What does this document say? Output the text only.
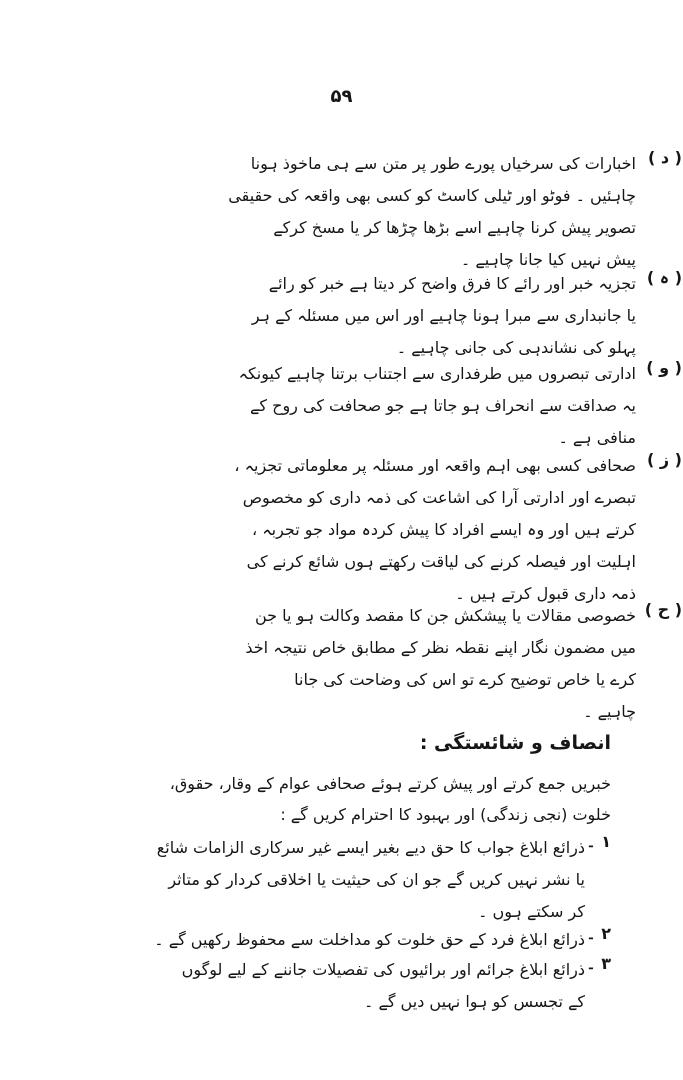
۵۹
( د )
اخبارات کی سرخیاں پورے طور پر متن سے ہی ماخوذ ہونا
چاہئیں ۔ فوٹو اور ٹیلی کاسٹ کو کسی بھی واقعہ کی حقیقی
تصویر پیش کرنا چاہیے اسے بڑھا چڑھا کر یا مسخ کرکے
پیش نہیں کیا جانا چاہیے ۔
( ہ )
تجزیہ خبر اور رائے کا فرق واضح کر دیتا ہے خبر کو رائے
یا جانبداری سے مبرا ہونا چاہیے اور اس میں مسئلہ کے ہر
پہلو کی نشاندہی کی جانی چاہیے ۔
( و )
ادارتی تبصروں میں طرفداری سے اجتناب برتنا چاہیے کیونکہ
یہ صداقت سے انحراف ہو جاتا ہے جو صحافت کی روح کے
منافی ہے ۔
( ز )
صحافی کسی بھی اہم واقعہ اور مسئلہ پر معلوماتی تجزیہ ،
تبصرے اور ادارتی آرا کی اشاعت کی ذمہ داری کو مخصوص
کرتے ہیں اور وہ ایسے افراد کا پیش کردہ مواد جو تجربہ ،
اہلیت اور فیصلہ کرنے کی لیاقت رکھتے ہوں شائع کرنے کی
ذمہ داری قبول کرتے ہیں ۔
( ح )
خصوصی مقالات یا پیشکش جن کا مقصد وکالت ہو یا جن
میں مضمون نگار اپنے نقطہ نظر کے مطابق خاص نتیجہ اخذ
کرے یا خاص توضیح کرے تو اس کی وضاحت کی جانا
چاہیے ۔
انصاف و شائستگی :
خبریں جمع کرتے اور پیش کرتے ہوئے صحافی عوام کے وقار، حقوق،
خلوت (نجی زندگی) اور بہبود کا احترام کریں گے :
۱ ۔
ذرائع ابلاغ جواب کا حق دیے بغیر ایسے غیر سرکاری الزامات شائع
یا نشر نہیں کریں گے جو ان کی حیثیت یا اخلاقی کردار کو متاثر
کر سکتے ہوں ۔
۲ ۔
ذرائع ابلاغ فرد کے حق خلوت کو مداخلت سے محفوظ رکھیں گے ۔
۳ ۔
ذرائع ابلاغ جرائم اور برائیوں کی تفصیلات جاننے کے لیے لوگوں
کے تجسس کو ہوا نہیں دیں گے ۔
